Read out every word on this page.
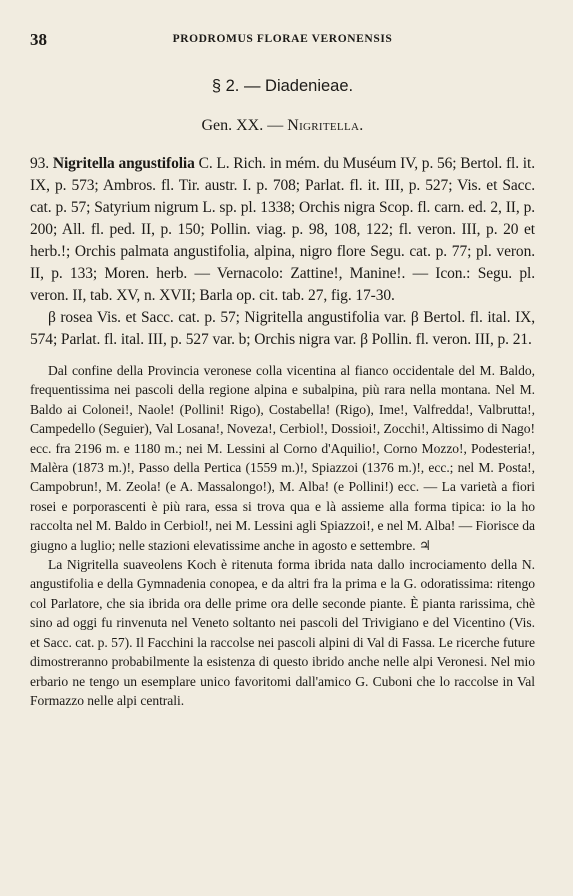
38	PRODROMUS FLORAE VERONENSIS
§ 2. — Diadenieae.
Gen. XX. — Nigritella.

93. Nigritella angustifolia C. L. Rich. in mém. du Muséum IV, p. 56; Bertol. fl. it. IX, p. 573; Ambros. fl. Tir. austr. I. p. 708; Parlat. fl. it. III, p. 527; Vis. et Sacc. cat. p. 57; Satyrium nigrum L. sp. pl. 1338; Orchis nigra Scop. fl. carn. ed. 2, II, p. 200; All. fl. ped. II, p. 150; Pollin. viag. p. 98, 108, 122; fl. veron. III, p. 20 et herb.!; Orchis palmata angustifolia, alpina, nigro flore Segu. cat. p. 77; pl. veron. II, p. 133; Moren. herb. — Vernacolo: Zattine!, Manine!. — Icon.: Segu. pl. veron. II, tab. XV, n. XVII; Barla op. cit. tab. 27, fig. 17-30.

β rosea Vis. et Sacc. cat. p. 57; Nigritella angustifolia var. β Bertol. fl. ital. IX, 574; Parlat. fl. ital. III, p. 527 var. b; Orchis nigra var. β Pollin. fl. veron. III, p. 21.

Dal confine della Provincia veronese colla vicentina al fianco occidentale del M. Baldo, frequentissima nei pascoli della regione alpina e subalpina, più rara nella montana. Nel M. Baldo ai Colonei!, Naole! (Pollini! Rigo), Costabella! (Rigo), Ime!, Valfredda!, Valbrutta!, Campedello (Seguier), Val Losana!, Noveza!, Cerbiol!, Dossioi!, Zocchi!, Altissimo di Nago! ecc. fra 2196 m. e 1180 m.; nei M. Lessini al Corno d'Aquilio!, Corno Mozzo!, Podesteria!, Malèra (1873 m.)!, Passo della Pertica (1559 m.)!, Spiazzoi (1376 m.)!, ecc.; nel M. Posta!, Campobrun!, M. Zeola! (e A. Massalongo!), M. Alba! (e Pollini!) ecc. — La varietà a fiori rosei e porporascenti è più rara, essa si trova qua e là assieme alla forma tipica: io la ho raccolta nel M. Baldo in Cerbiol!, nei M. Lessini agli Spiazzoi!, e nel M. Alba! — Fiorisce da giugno a luglio; nelle stazioni elevatissime anche in agosto e settembre. ♃

La Nigritella suaveolens Koch è ritenuta forma ibrida nata dallo incrociamento della N. angustifolia e della Gymnadenia conopea, e da altri fra la prima e la G. odoratissima: ritengo col Parlatore, che sia ibrida ora delle prime ora delle seconde piante. È pianta rarissima, chè sino ad oggi fu rinvenuta nel Veneto soltanto nei pascoli del Trivigiano e del Vicentino (Vis. et Sacc. cat. p. 57). Il Facchini la raccolse nei pascoli alpini di Val di Fassa. Le ricerche future dimostreranno probabilmente la esistenza di questo ibrido anche nelle alpi Veronesi. Nel mio erbario ne tengo un esemplare unico favoritomi dall'amico G. Cuboni che lo raccolse in Val Formazzo nelle alpi centrali.
